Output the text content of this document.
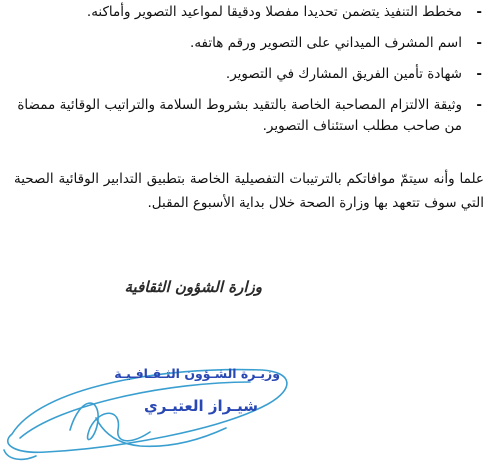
-
مخطط التنفيذ يتضمن تحديدا مفصلا ودقيقا لمواعيد التصوير وأماكنه.
-
اسم المشرف الميداني على التصوير ورقم هاتفه.
-
شهادة تأمين الفريق المشارك في التصوير.
-
وثيقة الالتزام المصاحبة الخاصة بالتقيد بشروط السلامة والتراتيب الوقائية ممضاة من صاحب مطلب استئناف التصوير.

علما وأنه سيتمّ موافاتكم بالترتيبات التفصيلية الخاصة بتطبيق التدابير الوقائية الصحية التي سوف تتعهد بها وزارة الصحة خلال بداية الأسبوع المقبل.

وزارة الشؤون الثقافية

وزيـرة الشـؤون الثـقـافـيـة
شيـراز العتيـري
